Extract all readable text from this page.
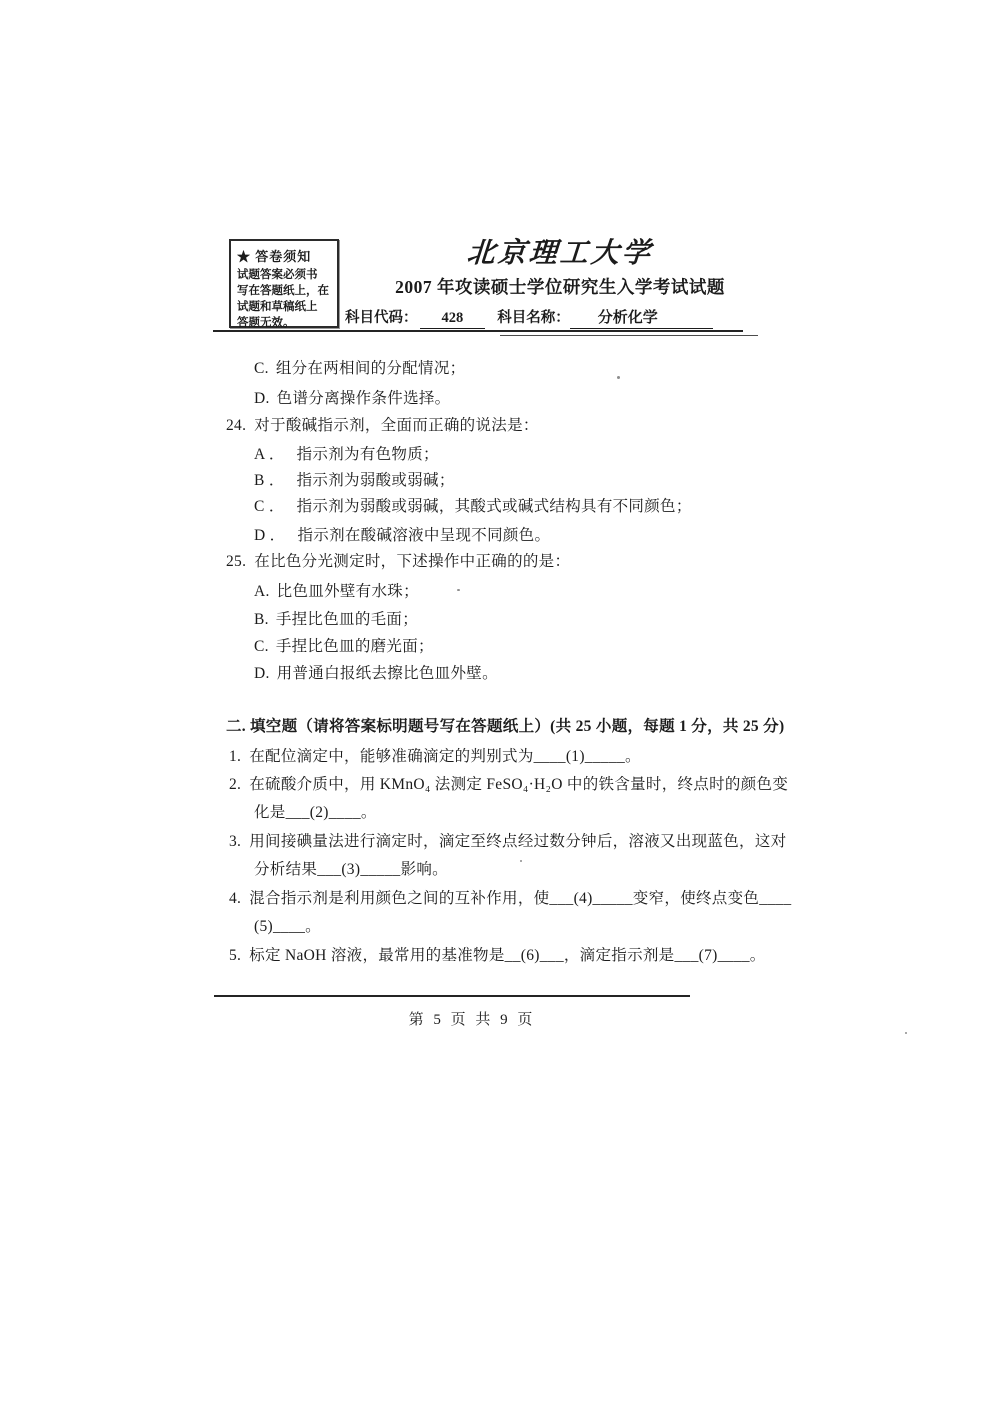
★ 答卷须知
试题答案必须书
写在答题纸上，在
试题和草稿纸上
答题无效。
北京理工大学
2007 年攻读硕士学位研究生入学考试试题
科目代码： 428 科目名称： 分析化学
C. 组分在两相间的分配情况；
D. 色谱分离操作条件选择。
24. 对于酸碱指示剂，全面而正确的说法是：
A ． 指示剂为有色物质；
B ． 指示剂为弱酸或弱碱；
C ． 指示剂为弱酸或弱碱，其酸式或碱式结构具有不同颜色；
D ． 指示剂在酸碱溶液中呈现不同颜色。
25. 在比色分光测定时，下述操作中正确的的是：
A. 比色皿外壁有水珠；
B. 手捏比色皿的毛面；
C. 手捏比色皿的磨光面；
D. 用普通白报纸去擦比色皿外壁。
二. 填空题（请将答案标明题号写在答题纸上）(共 25 小题，每题 1 分，共 25 分)
1. 在配位滴定中，能够准确滴定的判别式为____(1)_____。
2. 在硫酸介质中，用 KMnO₄ 法测定 FeSO₄·H₂O 中的铁含量时，终点时的颜色变
化是___(2)____。
3. 用间接碘量法进行滴定时，滴定至终点经过数分钟后，溶液又出现蓝色，这对
分析结果___(3)_____影响。
4. 混合指示剂是利用颜色之间的互补作用，使___(4)_____变窄，使终点变色____
(5)____。
5. 标定 NaOH 溶液，最常用的基准物是__(6)___，滴定指示剂是___(7)____。
第 5 页 共 9 页
